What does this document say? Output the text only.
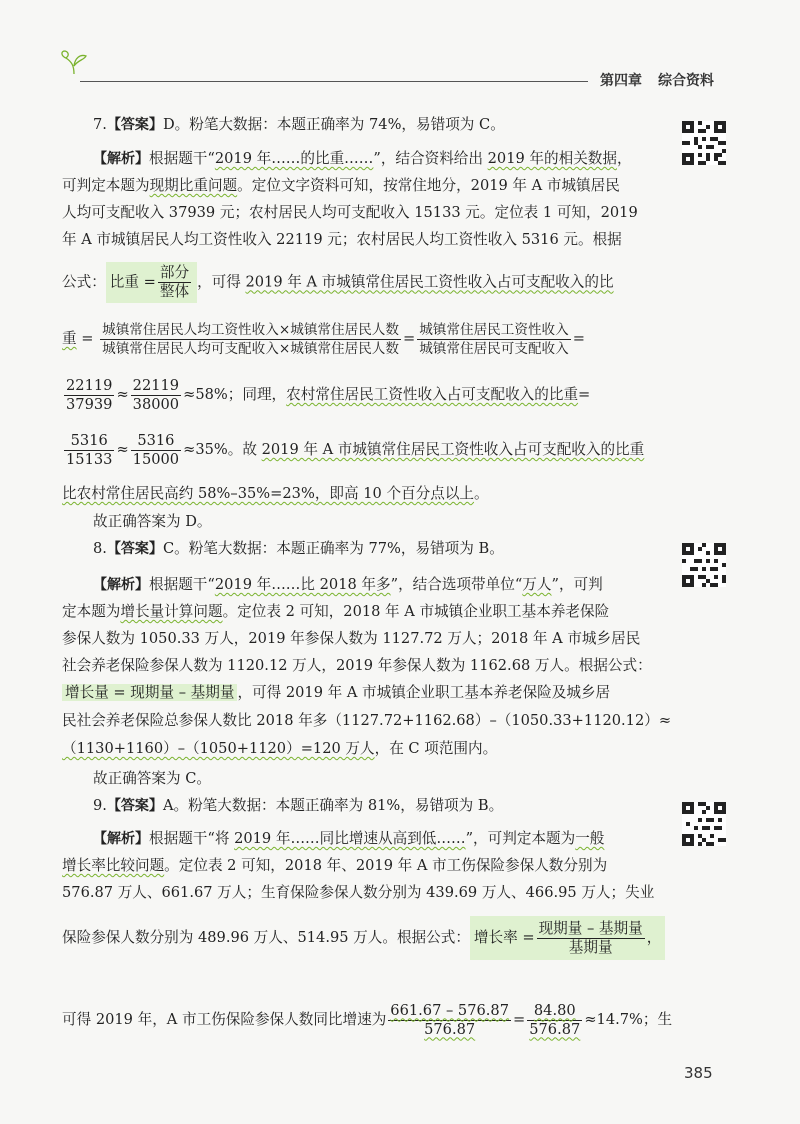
第四章 综合资料
7.【答案】D。粉笔大数据：本题正确率为 74%，易错项为 C。
【解析】根据题干“2019 年……的比重……”，结合资料给出 2019 年的相关数据，
可判定本题为现期比重问题。定位文字资料可知，按常住地分，2019 年 A 市城镇居民
人均可支配收入 37939 元；农村居民人均可支配收入 15133 元。定位表 1 可知，2019
年 A 市城镇居民人均工资性收入 22119 元；农村居民人均工资性收入 5316 元。根据
公式： 比重 = $\frac{\text{部分}}{\text{整体}}$ ，可得 2019 年 A 市城镇常住居民工资性收入占可支配收入的比
重 = $\frac{\text{城镇常住居民人均工资性收入×城镇常住居民人数}}{\text{城镇常住居民人均可支配收入×城镇常住居民人数}} = \frac{\text{城镇常住居民工资性收入}}{\text{城镇常住居民可支配收入}}$ =
$\frac{22119}{37939} \approx \frac{22119}{38000} \approx 58\%$；同理，农村常住居民工资性收入占可支配收入的比重=
$\frac{5316}{15133} \approx \frac{5316}{15000} \approx 35\%$。故 2019 年 A 市城镇常住居民工资性收入占可支配收入的比重
比农村常住居民高约 58%–35%=23%，即高 10 个百分点以上。
故正确答案为 D。
8.【答案】C。粉笔大数据：本题正确率为 77%，易错项为 B。
【解析】根据题干“2019 年……比 2018 年多”，结合选项带单位“万人”，可判
定本题为增长量计算问题。定位表 2 可知，2018 年 A 市城镇企业职工基本养老保险
参保人数为 1050.33 万人，2019 年参保人数为 1127.72 万人；2018 年 A 市城乡居民
社会养老保险参保人数为 1120.12 万人，2019 年参保人数为 1162.68 万人。根据公式：
增长量 = 现期量 – 基期量 ，可得 2019 年 A 市城镇企业职工基本养老保险及城乡居
民社会养老保险总参保人数比 2018 年多（1127.72+1162.68）–（1050.33+1120.12）≈
（1130+1160）–（1050+1120）=120 万人，在 C 项范围内。
故正确答案为 C。
9.【答案】A。粉笔大数据：本题正确率为 81%，易错项为 B。
【解析】根据题干“将 2019 年……同比增速从高到低……”，可判定本题为一般
增长率比较问题。定位表 2 可知，2018 年、2019 年 A 市工伤保险参保人数分别为
576.87 万人、661.67 万人；生育保险参保人数分别为 439.69 万人、466.95 万人；失业
保险参保人数分别为 489.96 万人、514.95 万人。根据公式： 增长率 = $\frac{\text{现期量 – 基期量}}{\text{基期量}}$ ，
可得 2019 年，A 市工伤保险参保人数同比增速为 $\frac{661.67 - 576.87}{576.87} = \frac{84.80}{576.87} \approx 14.7\%$；生
385
